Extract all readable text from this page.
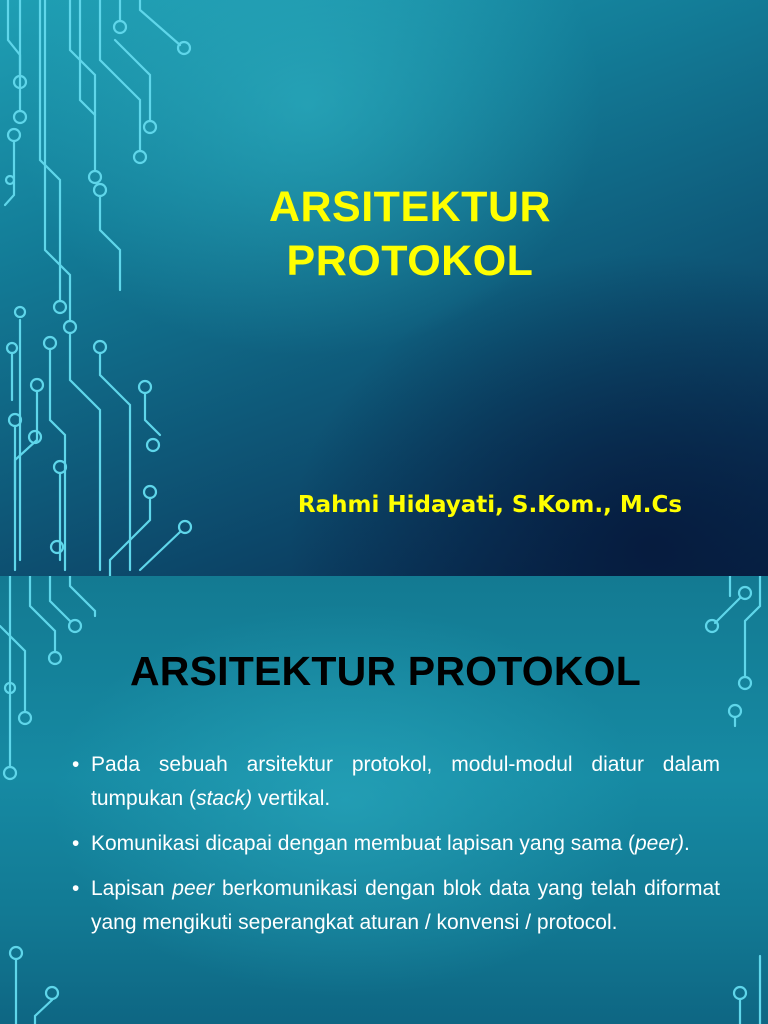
ARSITEKTUR
PROTOKOL
Rahmi Hidayati, S.Kom., M.Cs
ARSITEKTUR PROTOKOL
• Pada sebuah arsitektur protokol, modul-modul diatur dalam tumpukan (stack) vertikal.
• Komunikasi dicapai dengan membuat lapisan yang sama (peer).
• Lapisan peer berkomunikasi dengan blok data yang telah diformat yang mengikuti seperangkat aturan / konvensi / protocol.
